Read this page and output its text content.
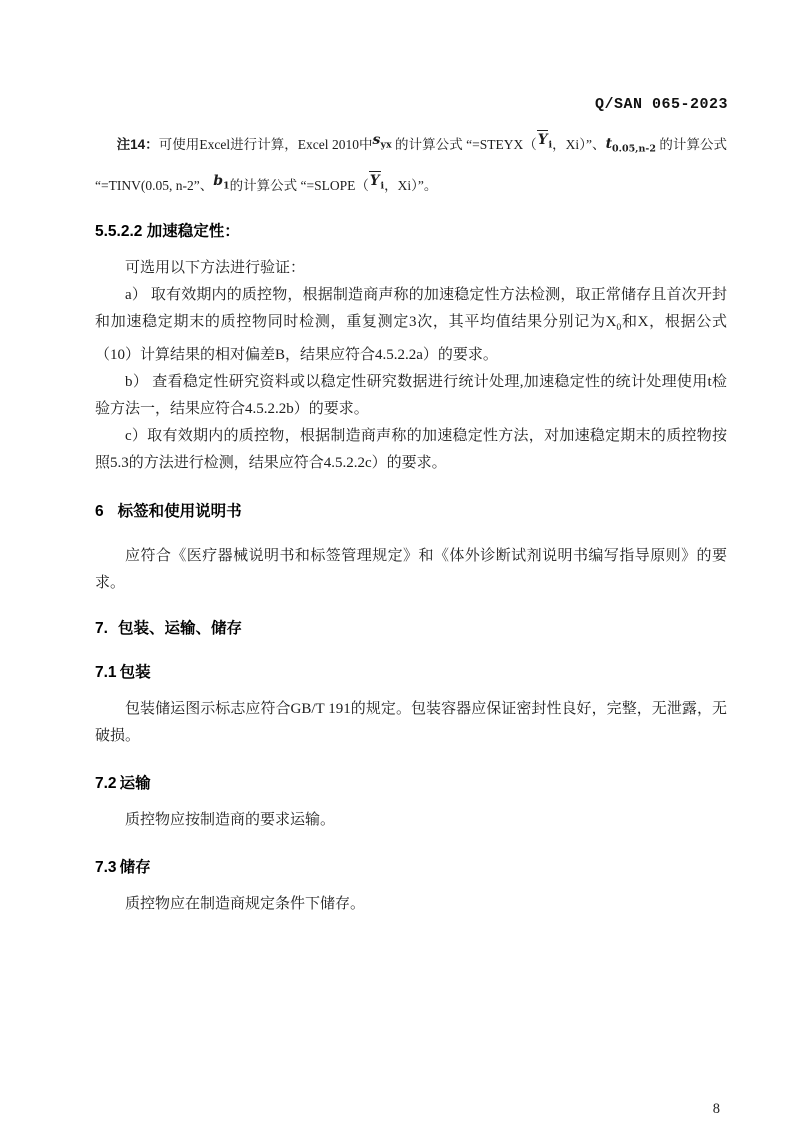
Q/SAN 065-2023

注14：可使用Excel进行计算，Excel 2010中$s_{yx}$ 的计算公式 “$=STEYX(Y_i$，Xi）”、$t_{0.05,n-2}$ 的计算公式 “=TINV(0.05, n-2”、$b_1$的计算公式 “$=SLOPE(Y_i$，Xi）”。

5.5.2.2 加速稳定性：

可选用以下方法进行验证：

a） 取有效期内的质控物，根据制造商声称的加速稳定性方法检测，取正常储存且首次开封和加速稳定期末的质控物同时检测，重复测定3次，其平均值结果分别记为$X_0$和X，根据公式（10）计算结果的相对偏差B，结果应符合4.5.2.2a）的要求。

b） 查看稳定性研究资料或以稳定性研究数据进行统计处理,加速稳定性的统计处理使用t检验方法一，结果应符合4.5.2.2b）的要求。

c）取有效期内的质控物，根据制造商声称的加速稳定性方法，对加速稳定期末的质控物按照5.3的方法进行检测，结果应符合4.5.2.2c）的要求。

6 标签和使用说明书

应符合《医疗器械说明书和标签管理规定》和《体外诊断试剂说明书编写指导原则》的要求。

7. 包装、运输、储存
7.1 包装

包装储运图示标志应符合GB/T 191的规定。包装容器应保证密封性良好，完整，无泄露，无破损。

7.2 运输

质控物应按制造商的要求运输。

7.3 储存

质控物应在制造商规定条件下储存。

8
